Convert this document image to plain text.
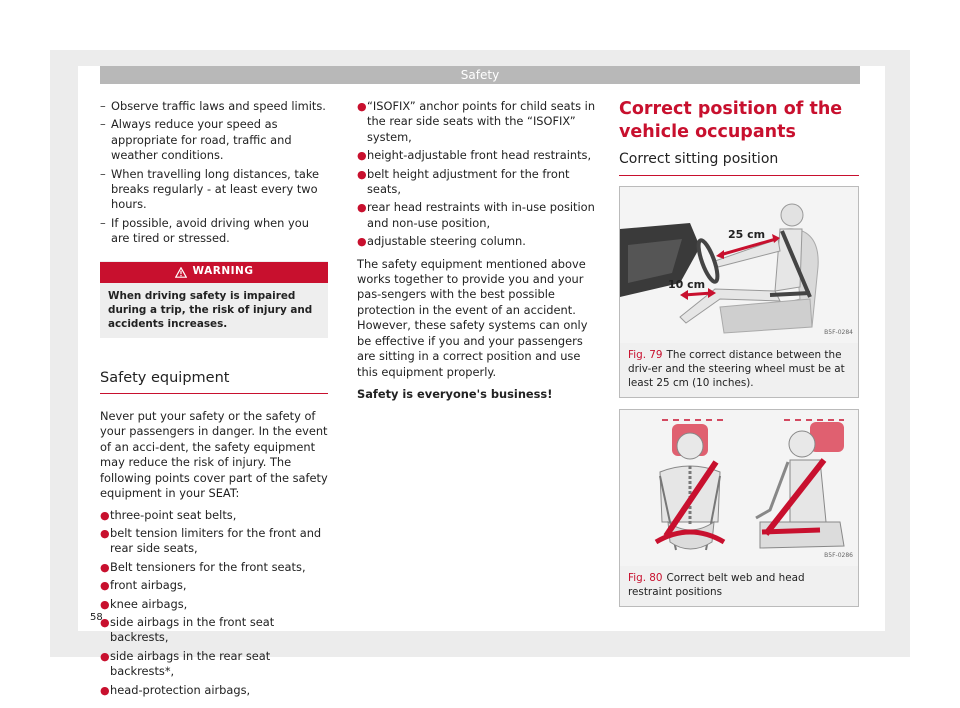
Safety
– Observe traffic laws and speed limits.
– Always reduce your speed as appropriate for road, traffic and weather conditions.
– When travelling long distances, take breaks regularly - at least every two hours.
– If possible, avoid driving when you are tired or stressed.
WARNING
When driving safety is impaired during a trip, the risk of injury and accidents increases.
Safety equipment
Never put your safety or the safety of your passengers in danger. In the event of an acci-dent, the safety equipment may reduce the risk of injury. The following points cover part of the safety equipment in your SEAT:
● three-point seat belts,
● belt tension limiters for the front and rear side seats,
● Belt tensioners for the front seats,
● front airbags,
● knee airbags,
● side airbags in the front seat backrests,
● side airbags in the rear seat backrests*,
● head-protection airbags,
● “ISOFIX” anchor points for child seats in the rear side seats with the “ISOFIX” system,
● height-adjustable front head restraints,
● belt height adjustment for the front seats,
● rear head restraints with in-use position and non-use position,
● adjustable steering column.
The safety equipment mentioned above works together to provide you and your pas-sengers with the best possible protection in the event of an accident. However, these safety systems can only be effective if you and your passengers are sitting in a correct position and use this equipment properly.
Safety is everyone's business!
Correct position of the vehicle occupants
Correct sitting position
25 cm
10 cm
B5F-0284
Fig. 79 The correct distance between the driv-er and the steering wheel must be at least 25 cm (10 inches).
B5F-0286
Fig. 80 Correct belt web and head restraint positions
58
